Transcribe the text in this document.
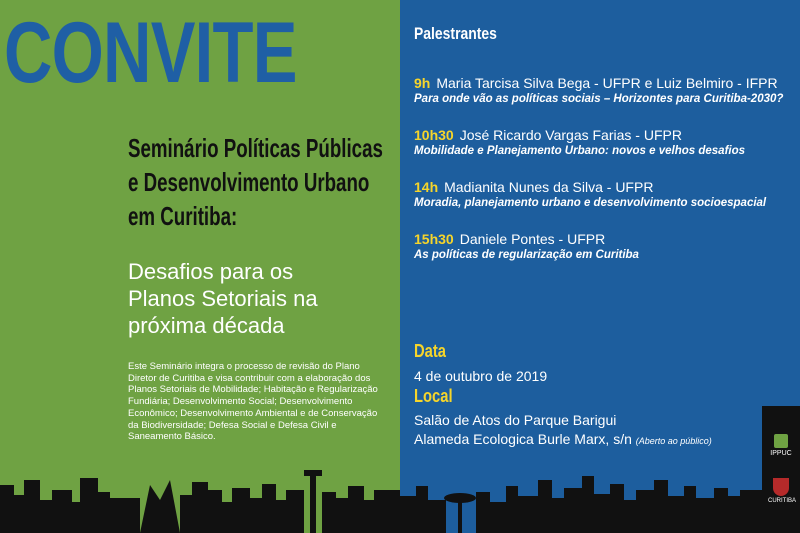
CONVITE
Seminário Políticas Públicas
e Desenvolvimento Urbano
em Curitiba:
Desafios para os
Planos Setoriais na
próxima década
Este Seminário integra o processo de revisão do Plano Diretor de Curitiba e visa contribuir com a elaboração dos Planos Setoriais de Mobilidade; Habitação e Regularização Fundiária; Desenvolvimento Social; Desenvolvimento Econômico; Desenvolvimento Ambiental e de Conservação da Biodiversidade; Defesa Social e Defesa Civil e Saneamento Básico.
Palestrantes
9h Maria Tarcisa Silva Bega - UFPR e Luiz Belmiro - IFPR
Para onde vão as políticas sociais – Horizontes para Curitiba-2030?
10h30 José Ricardo Vargas Farias - UFPR
Mobilidade e Planejamento Urbano: novos e velhos desafios
14h Madianita Nunes da Silva - UFPR
Moradia, planejamento urbano e desenvolvimento socioespacial
15h30 Daniele Pontes - UFPR
As políticas de regularização em Curitiba
Data
4 de outubro de 2019
Local
Salão de Atos do Parque Barigui
Alameda Ecologica Burle Marx, s/n (Aberto ao público)
IPPUC
CURITIBA
